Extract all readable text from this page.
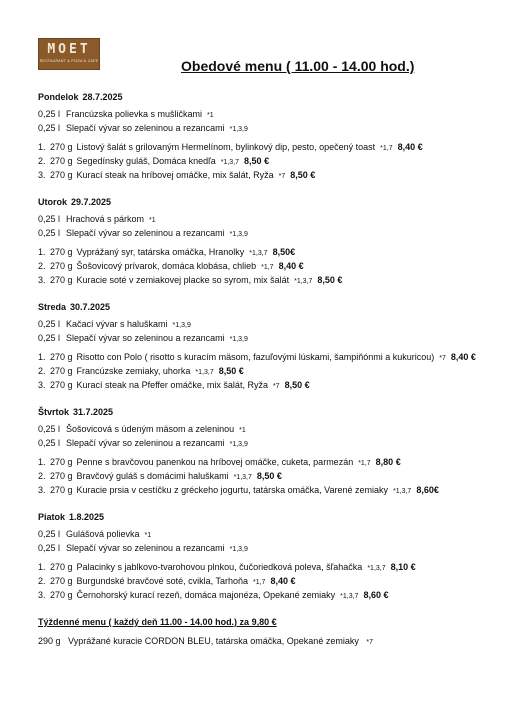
MOET
RESTAURANT & PIZZA & CAFE	Obedové menu ( 11.00 - 14.00 hod.)
Pondelok 28.7.2025
0,25 l Francúzska polievka s mušličkami *1
0,25 l Slepačí vývar so zeleninou a rezancami *1,3,9
1. 270 g Listový šalát s grilovaným Hermelínom, bylinkový dip, pesto, opečený toast *1,7 8,40 €
2. 270 g Segedínsky guláš, Domáca knedľa *1,3,7 8,50 €
3. 270 g Kurací steak na hríbovej omáčke, mix šalát, Ryža *7 8,50 €
Utorok 29.7.2025
0,25 l Hrachová s párkom *1
0,25 l Slepačí vývar so zeleninou a rezancami *1,3,9
1. 270 g Vyprážaný syr, tatárska omáčka, Hranolky *1,3,7 8,50€
2. 270 g Šošovicový prívarok, domáca klobása, chlieb *1,7 8,40 €
3. 270 g Kuracie soté v zemiakovej placke so syrom, mix šalát *1,3,7 8,50 €
Streda 30.7.2025
0,25 l Kačací vývar s haluškami *1,3,9
0,25 l Slepačí vývar so zeleninou a rezancami *1,3,9
1. 270 g Risotto con Polo ( risotto s kuracím mäsom, fazuľovými lúskami, šampiňónmi a kukuricou) *7 8,40 €
2. 270 g Francúzske zemiaky, uhorka *1,3,7 8,50 €
3. 270 g Kurací steak na Pfeffer omáčke, mix šalát, Ryža *7 8,50 €
Štvrtok 31.7.2025
0,25 l Šošovicová s údeným mäsom a zeleninou *1
0,25 l Slepačí vývar so zeleninou a rezancami *1,3,9
1. 270 g Penne s bravčovou panenkou na hríbovej omáčke, cuketa, parmezán *1,7 8,80 €
2. 270 g Bravčový guláš s domácimi haluškami *1,3,7 8,50 €
3. 270 g Kuracie prsia v cestíčku z gréckeho jogurtu, tatárska omáčka, Varené zemiaky *1,3,7 8,60€
Piatok 1.8.2025
0,25 l Gulášová polievka *1
0,25 l Slepačí vývar so zeleninou a rezancami *1,3,9
1. 270 g Palacinky s jablkovo-tvarohovou plnkou, čučoriedková poleva, šľahačka *1,3,7 8,10 €
2. 270 g Burgundské bravčové soté, cvikla, Tarhoňa *1,7 8,40 €
3. 270 g Černohorský kurací rezeň, domáca majonéza, Opekané zemiaky *1,3,7 8,60 €
Týždenné menu ( každý deň 11.00 - 14.00 hod.) za 9,80 €
290 g Vyprážané kuracie CORDON BLEU, tatárska omáčka, Opekané zemiaky *7
